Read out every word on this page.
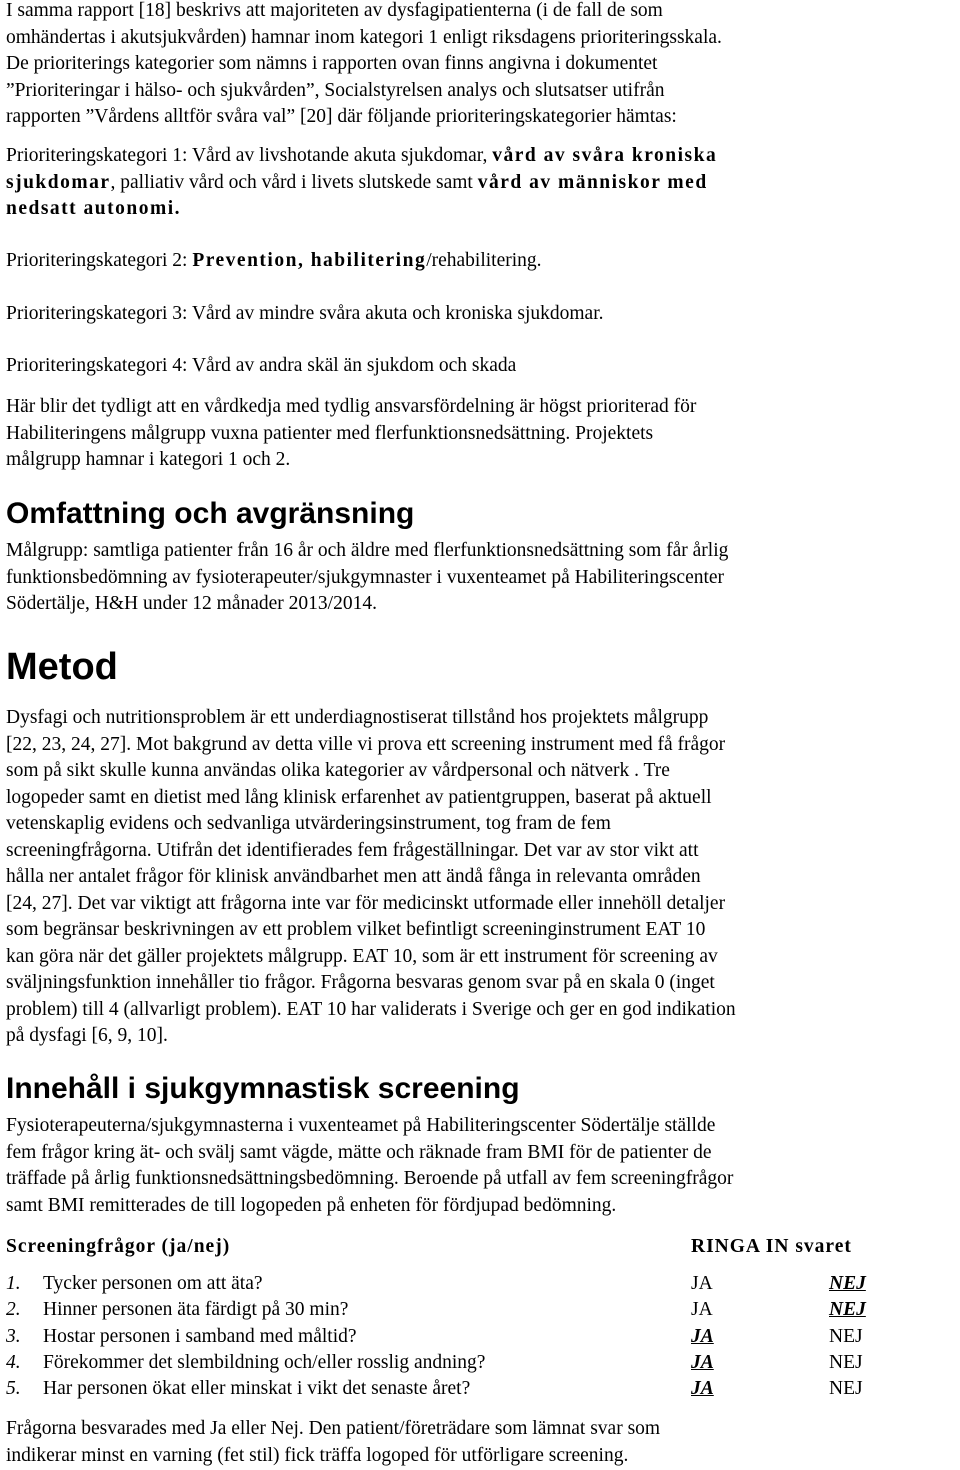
I samma rapport [18] beskrivs att majoriteten av dysfagipatienterna (i de fall de som

omhändertas i akutsjukvården) hamnar inom kategori 1 enligt riksdagens prioriteringsskala.

De prioriterings kategorier som nämns i rapporten ovan finns angivna i dokumentet

”Prioriteringar i hälso- och sjukvården”, Socialstyrelsen analys och slutsatser utifrån

rapporten ”Vårdens alltför svåra val” [20] där följande prioriteringskategorier hämtas:

Prioriteringskategori 1: Vård av livshotande akuta sjukdomar, vård av svåra kroniska

sjukdomar, palliativ vård och vård i livets slutskede samt vård av människor med

nedsatt autonomi.

Prioriteringskategori 2: Prevention, habilitering/rehabilitering.

Prioriteringskategori 3: Vård av mindre svåra akuta och kroniska sjukdomar.

Prioriteringskategori 4: Vård av andra skäl än sjukdom och skada

Här blir det tydligt att en vårdkedja med tydlig ansvarsfördelning är högst prioriterad för

Habiliteringens målgrupp vuxna patienter med flerfunktionsnedsättning. Projektets

målgrupp hamnar i kategori 1 och 2.

Omfattning och avgränsning

Målgrupp: samtliga patienter från 16 år och äldre med flerfunktionsnedsättning som får årlig

funktionsbedömning av fysioterapeuter/sjukgymnaster i vuxenteamet på Habiliteringscenter

Södertälje, H&H under 12 månader 2013/2014.

Metod

Dysfagi och nutritionsproblem är ett underdiagnostiserat tillstånd hos projektets målgrupp

[22, 23, 24, 27]. Mot bakgrund av detta ville vi prova ett screening instrument med få frågor

som på sikt skulle kunna användas olika kategorier av vårdpersonal och nätverk . Tre

logopeder samt en dietist med lång klinisk erfarenhet av patientgruppen, baserat på aktuell

vetenskaplig evidens och sedvanliga utvärderingsinstrument, tog fram de fem

screeningfrågorna. Utifrån det identifierades fem frågeställningar. Det var av stor vikt att

hålla ner antalet frågor för klinisk användbarhet men att ändå fånga in relevanta områden

[24, 27]. Det var viktigt att frågorna inte var för medicinskt utformade eller innehöll detaljer

som begränsar beskrivningen av ett problem vilket befintligt screeninginstrument EAT 10

kan göra när det gäller projektets målgrupp. EAT 10, som är ett instrument för screening av

sväljningsfunktion innehåller tio frågor. Frågorna besvaras genom svar på en skala 0 (inget

problem) till 4 (allvarligt problem). EAT 10 har validerats i Sverige och ger en god indikation

på dysfagi [6, 9, 10].

Innehåll i sjukgymnastisk screening

Fysioterapeuterna/sjukgymnasterna i vuxenteamet på Habiliteringscenter Södertälje ställde

fem frågor kring ät- och svälj samt vägde, mätte och räknade fram BMI för de patienter de

träffade på årlig funktionsnedsättningsbedömning. Beroende på utfall av fem screeningfrågor

samt BMI remitterades de till logopeden på enheten för fördjupad bedömning.

Screeningfrågor (ja/nej)	RINGA IN svaret

1.	Tycker personen om att äta?	JA	NEJ
2.	Hinner personen äta färdigt på 30 min?	JA	NEJ
3.	Hostar personen i samband med måltid?	JA	NEJ
4.	Förekommer det slembildning och/eller rosslig andning?	JA	NEJ
5.	Har personen ökat eller minskat i vikt det senaste året?	JA	NEJ

Frågorna besvarades med Ja eller Nej. Den patient/företrädare som lämnat svar som

indikerar minst en varning (fet stil) fick träffa logoped för utförligare screening.
